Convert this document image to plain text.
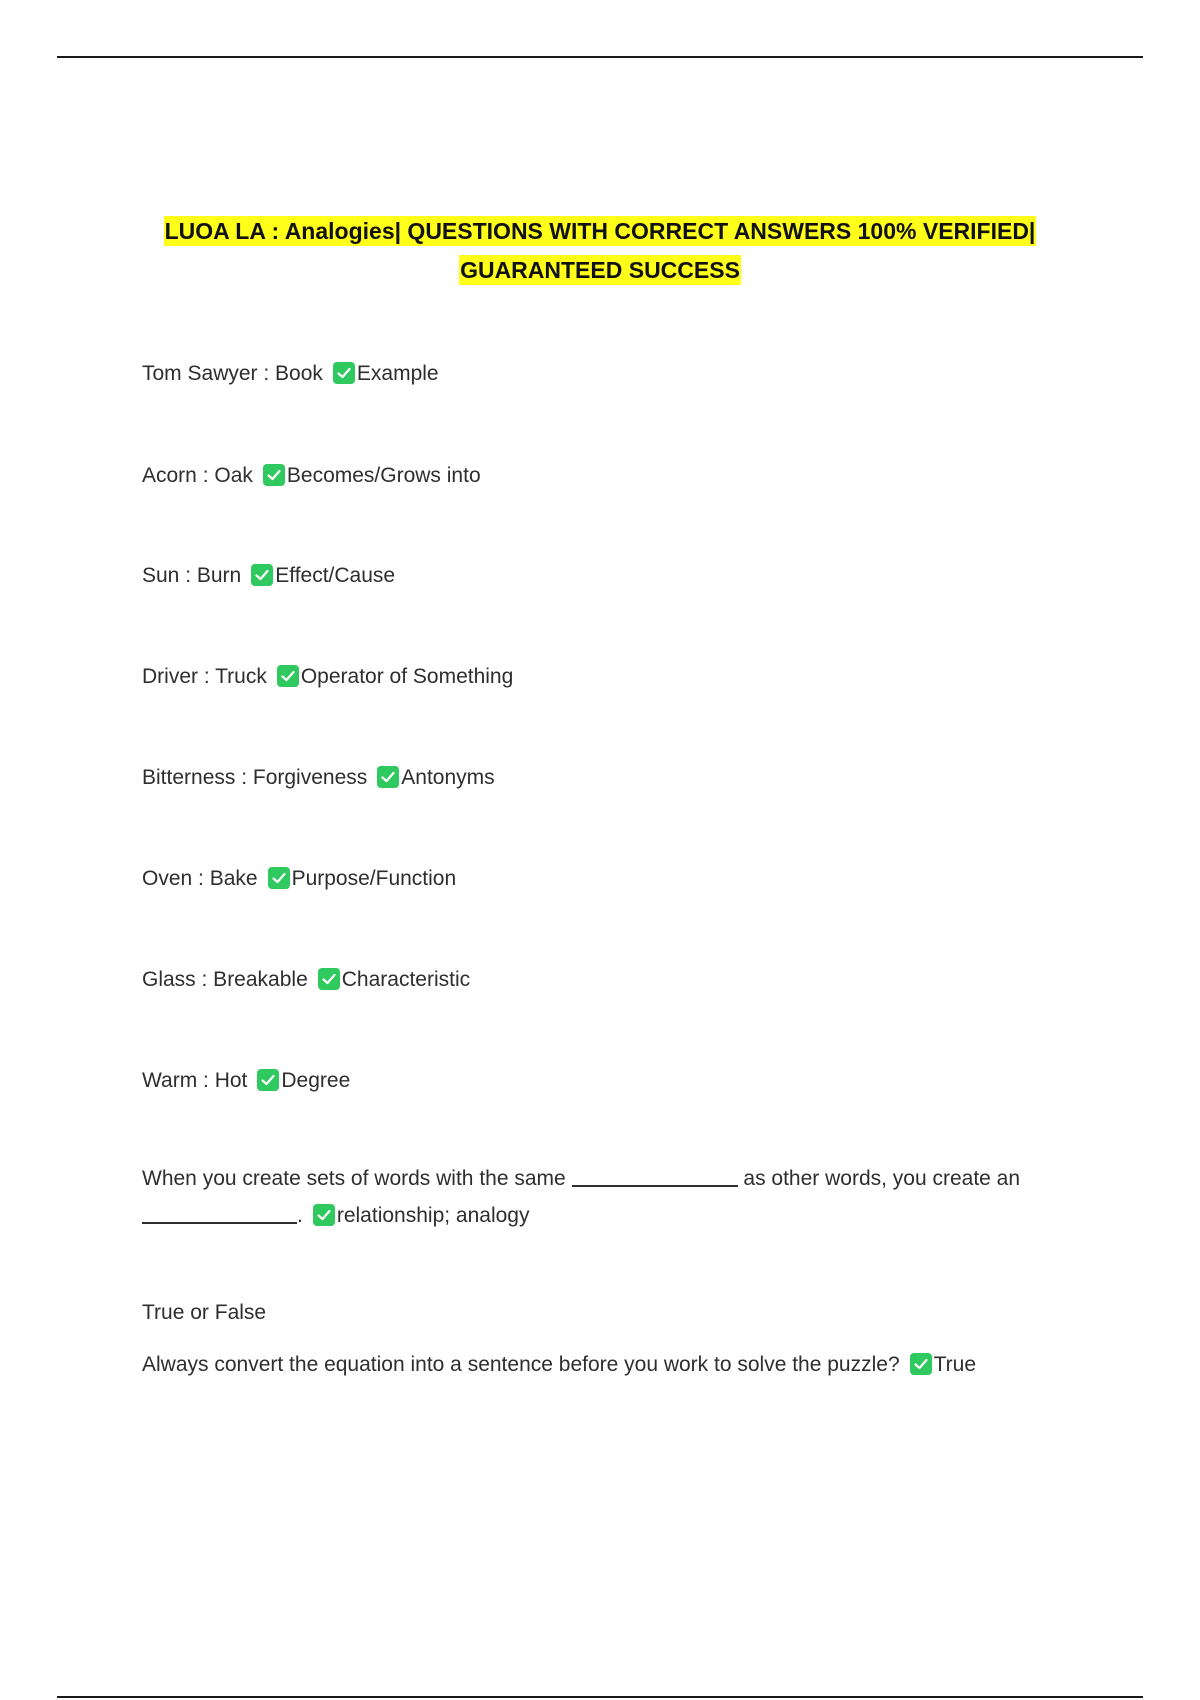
LUOA LA : Analogies| QUESTIONS WITH CORRECT ANSWERS 100% VERIFIED|
GUARANTEED SUCCESS
Tom Sawyer : Book Example
Acorn : Oak Becomes/Grows into
Sun : Burn Effect/Cause
Driver : Truck Operator of Something
Bitterness : Forgiveness Antonyms
Oven : Bake Purpose/Function
Glass : Breakable Characteristic
Warm : Hot Degree
When you create sets of words with the same	as other words, you create an
. relationship; analogy
True or False
Always convert the equation into a sentence before you work to solve the puzzle? True
